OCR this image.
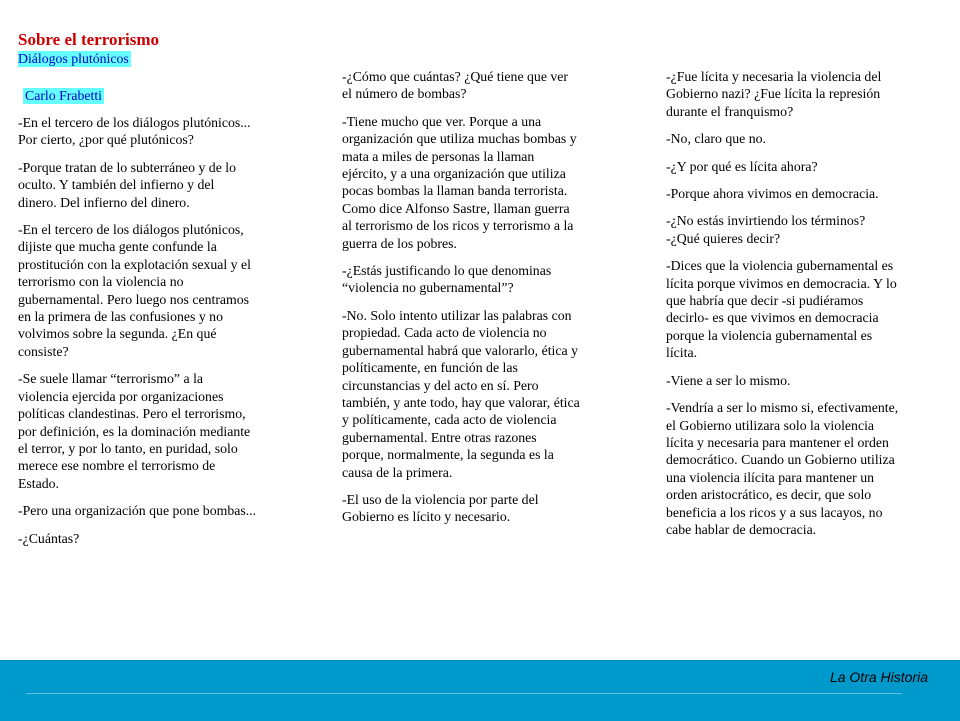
Sobre el terrorismo
Diálogos plutónicos
Carlo Frabetti

-En el tercero de los diálogos plutónicos...
Por cierto, ¿por qué plutónicos?

-Porque tratan de lo subterráneo y de lo
oculto. Y también del infierno y del
dinero. Del infierno del dinero.

-En el tercero de los diálogos plutónicos,
dijiste que mucha gente confunde la
prostitución con la explotación sexual y el
terrorismo con la violencia no
gubernamental. Pero luego nos centramos
en la primera de las confusiones y no
volvimos sobre la segunda. ¿En qué
consiste?

-Se suele llamar “terrorismo” a la
violencia ejercida por organizaciones
políticas clandestinas. Pero el terrorismo,
por definición, es la dominación mediante
el terror, y por lo tanto, en puridad, solo
merece ese nombre el terrorismo de
Estado.

-Pero una organización que pone bombas...

-¿Cuántas?

-¿Cómo que cuántas? ¿Qué tiene que ver
el número de bombas?

-Tiene mucho que ver. Porque a una
organización que utiliza muchas bombas y
mata a miles de personas la llaman
ejército, y a una organización que utiliza
pocas bombas la llaman banda terrorista.
Como dice Alfonso Sastre, llaman guerra
al terrorismo de los ricos y terrorismo a la
guerra de los pobres.

-¿Estás justificando lo que denominas
“violencia no gubernamental”?

-No. Solo intento utilizar las palabras con
propiedad. Cada acto de violencia no
gubernamental habrá que valorarlo, ética y
políticamente, en función de las
circunstancias y del acto en sí. Pero
también, y ante todo, hay que valorar, ética
y políticamente, cada acto de violencia
gubernamental. Entre otras razones
porque, normalmente, la segunda es la
causa de la primera.

-El uso de la violencia por parte del
Gobierno es lícito y necesario.

-¿Fue lícita y necesaria la violencia del
Gobierno nazi? ¿Fue lícita la represión
durante el franquismo?

-No, claro que no.

-¿Y por qué es lícita ahora?

-Porque ahora vivimos en democracia.

-¿No estás invirtiendo los términos?
-¿Qué quieres decir?

-Dices que la violencia gubernamental es
lícita porque vivimos en democracia. Y lo
que habría que decir -si pudiéramos
decirlo- es que vivimos en democracia
porque la violencia gubernamental es
lícita.

-Viene a ser lo mismo.

-Vendría a ser lo mismo si, efectivamente,
el Gobierno utilizara solo la violencia
lícita y necesaria para mantener el orden
democrático. Cuando un Gobierno utiliza
una violencia ilícita para mantener un
orden aristocrático, es decir, que solo
beneficia a los ricos y a sus lacayos, no
cabe hablar de democracia.

La Otra Historia
